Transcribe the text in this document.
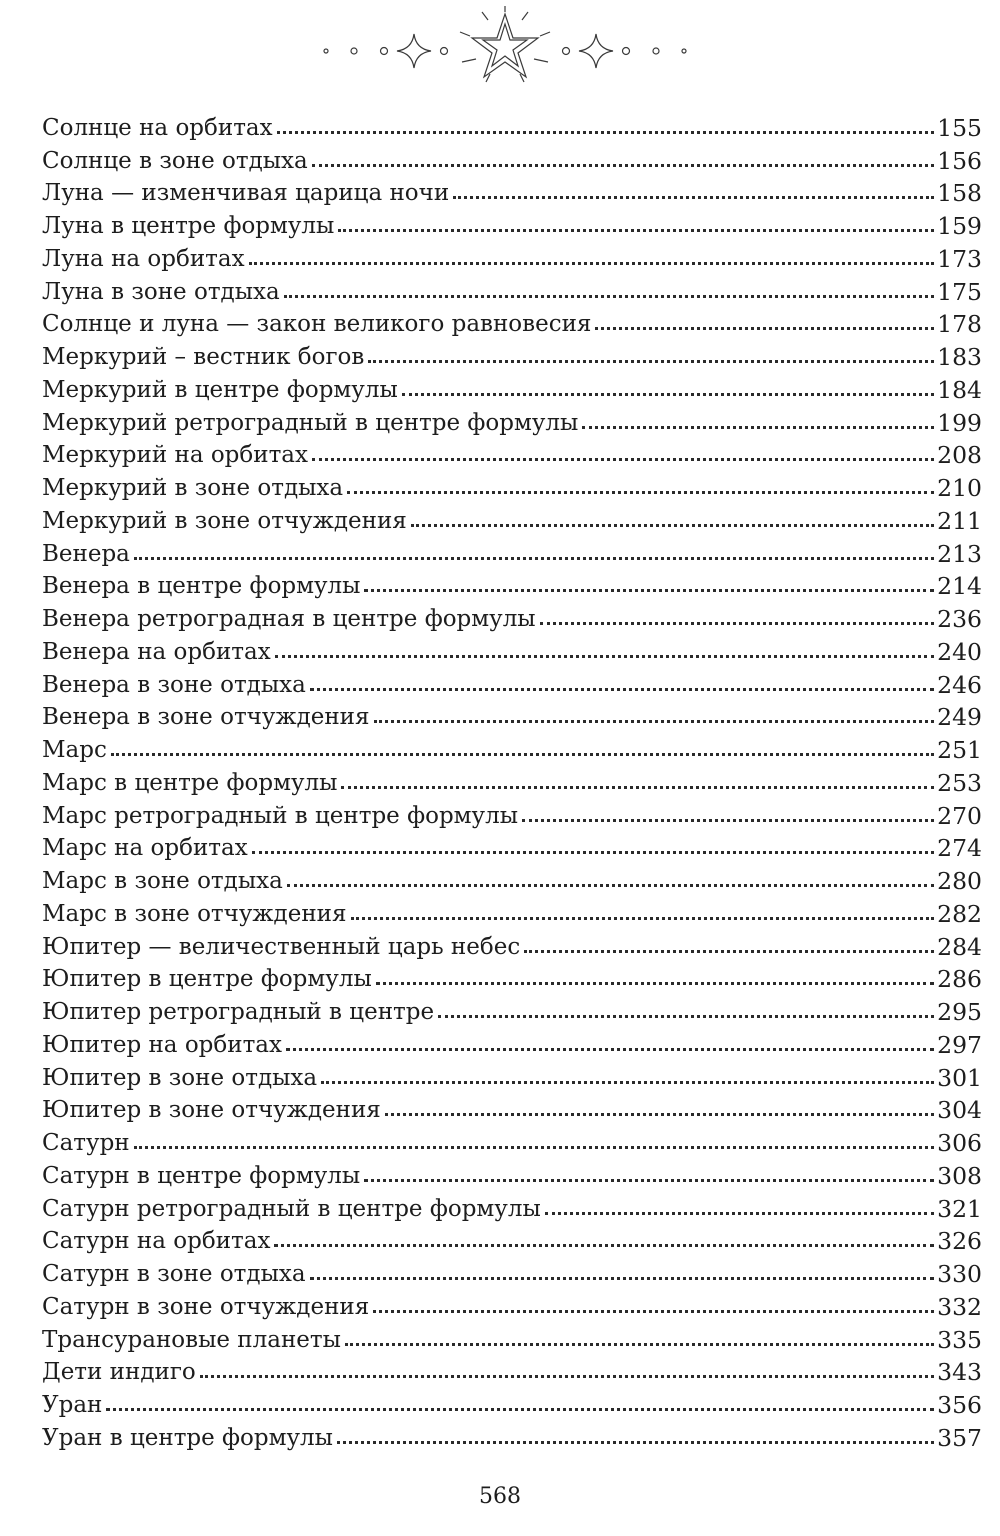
Солнце на орбитах	155
Солнце в зоне отдыха	156
Луна — изменчивая царица ночи	158
Луна в центре формулы	159
Луна на орбитах	173
Луна в зоне отдыха	175
Солнце и луна — закон великого равновесия	178
Меркурий – вестник богов	183
Меркурий в центре формулы	184
Меркурий ретроградный в центре формулы	199
Меркурий на орбитах	208
Меркурий в зоне отдыха	210
Меркурий в зоне отчуждения	211
Венера	213
Венера в центре формулы	214
Венера ретроградная в центре формулы	236
Венера на орбитах	240
Венера в зоне отдыха	246
Венера в зоне отчуждения	249
Марс	251
Марс в центре формулы	253
Марс ретроградный в центре формулы	270
Марс на орбитах	274
Марс в зоне отдыха	280
Марс в зоне отчуждения	282
Юпитер — величественный царь небес	284
Юпитер в центре формулы	286
Юпитер ретроградный в центре	295
Юпитер на орбитах	297
Юпитер в зоне отдыха	301
Юпитер в зоне отчуждения	304
Сатурн	306
Сатурн в центре формулы	308
Сатурн ретроградный в центре формулы	321
Сатурн на орбитах	326
Сатурн в зоне отдыха	330
Сатурн в зоне отчуждения	332
Трансурановые планеты	335
Дети индиго	343
Уран	356
Уран в центре формулы	357
568
